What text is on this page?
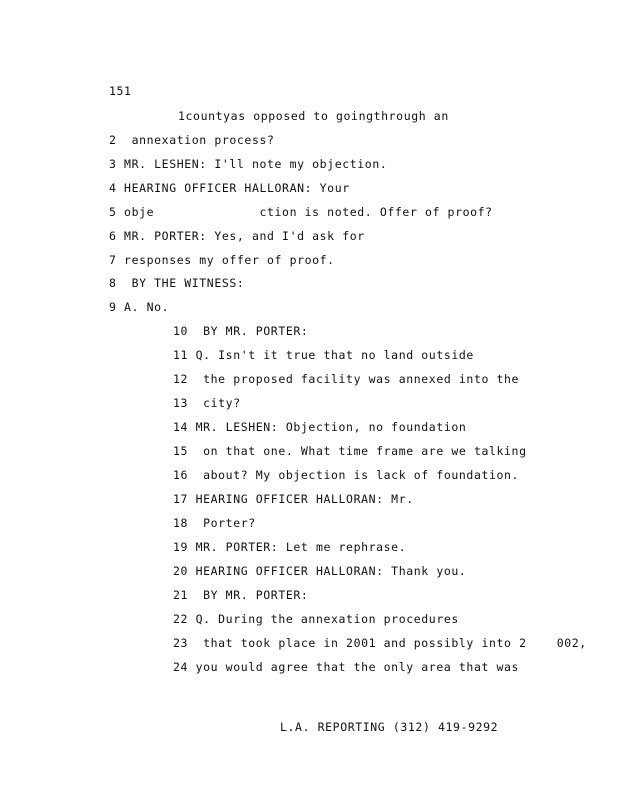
151
1countyas opposed to goingthrough an
2  annexation process?
3 MR. LESHEN: I'll note my objection.
4 HEARING OFFICER HALLORAN: Your
5 obje              ction is noted. Offer of proof?
6 MR. PORTER: Yes, and I'd ask for
7 responses my offer of proof.
8  BY THE WITNESS:
9 A. No.
10  BY MR. PORTER:
11 Q. Isn't it true that no land outside
12  the proposed facility was annexed into the
13  city?
14 MR. LESHEN: Objection, no foundation
15  on that one. What time frame are we talking
16  about? My objection is lack of foundation.
17 HEARING OFFICER HALLORAN: Mr.
18  Porter?
19 MR. PORTER: Let me rephrase.
20 HEARING OFFICER HALLORAN: Thank you.
21  BY MR. PORTER:
22 Q. During the annexation procedures
23  that took place in 2001 and possibly into 2    002,
24 you would agree that the only area that was
L.A. REPORTING (312) 419-9292
